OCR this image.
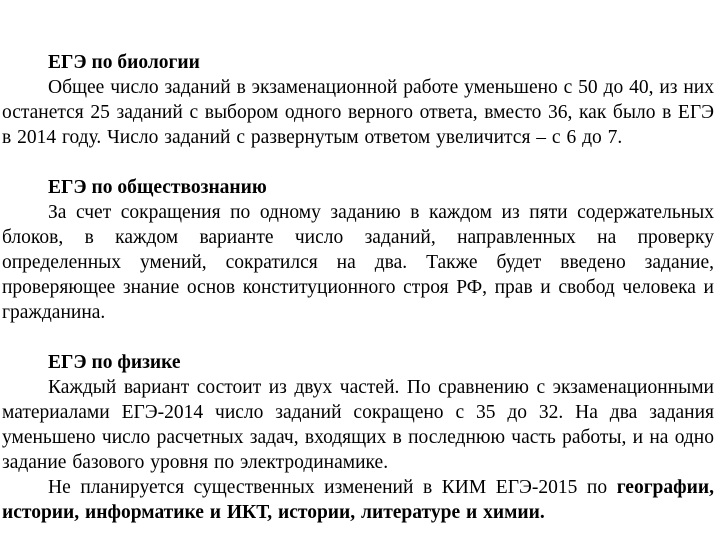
ЕГЭ по биологии

Общее число заданий в экзаменационной работе уменьшено с 50 до 40, из них останется 25 заданий с выбором одного верного ответа, вместо 36, как было в ЕГЭ в 2014 году. Число заданий с развернутым ответом увеличится – с 6 до 7.

ЕГЭ по обществознанию

За счет сокращения по одному заданию в каждом из пяти содержательных блоков, в каждом варианте число заданий, направленных на проверку определенных умений, сократился на два. Также будет введено задание, проверяющее знание основ конституционного строя РФ, прав и свобод человека и гражданина.

ЕГЭ по физике

Каждый вариант состоит из двух частей. По сравнению с экзаменационными материалами ЕГЭ-2014 число заданий сокращено с 35 до 32. На два задания уменьшено число расчетных задач, входящих в последнюю часть работы, и на одно задание базового уровня по электродинамике.

Не планируется существенных изменений в КИМ ЕГЭ-2015 по географии, истории, информатике и ИКТ, истории, литературе и химии.
